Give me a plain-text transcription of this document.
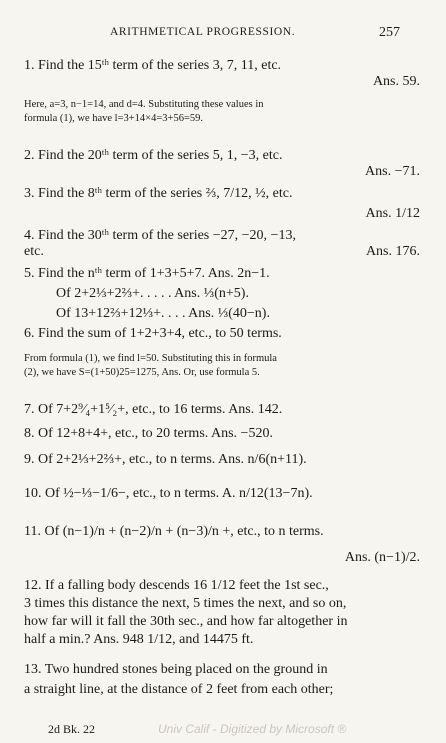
ARITHMETICAL PROGRESSION.	257
1. Find the 15ᵗʰ term of the series 3, 7, 11, etc.
Ans. 59.
Here, a=3, n−1=14, and d=4. Substituting these values in
formula (1), we have l=3+14×4=3+56=59.
2. Find the 20ᵗʰ term of the series 5, 1, −3, etc.
Ans. −71.
3. Find the 8ᵗʰ term of the series ⅔, 7/12, ½, etc.
Ans. 1/12
4. Find the 30ᵗʰ term of the series −27, −20, −13,
etc.	Ans. 176.
5. Find the nᵗʰ term of 1+3+5+7. Ans. 2n−1.
Of 2+2⅓+2⅔+. . . . . Ans. ⅓(n+5).
Of 13+12⅔+12⅓+. . . . Ans. ⅓(40−n).
6. Find the sum of 1+2+3+4, etc., to 50 terms.
From formula (1), we find l=50. Substituting this in formula
(2), we have S=(1+50)25=1275, Ans. Or, use formula 5.
7. Of 7+2⁹⁄₄+1⁵⁄₂+, etc., to 16 terms. Ans. 142.
8. Of 12+8+4+, etc., to 20 terms. Ans. −520.
9. Of 2+2⅓+2⅔+, etc., to n terms. Ans. n/6(n+11).
10. Of ½−⅓−1/6−, etc., to n terms. A. n/12(13−7n).
11. Of (n−1)/n + (n−2)/n + (n−3)/n +, etc., to n terms.
Ans. (n−1)/2.
12. If a falling body descends 16 1/12 feet the 1st sec.,
3 times this distance the next, 5 times the next, and so on,
how far will it fall the 30th sec., and how far altogether in
half a min.? Ans. 948 1/12, and 14475 ft.
13. Two hundred stones being placed on the ground in
a straight line, at the distance of 2 feet from each other;
2d Bk. 22	Univ Calif - Digitized by Microsoft ®
